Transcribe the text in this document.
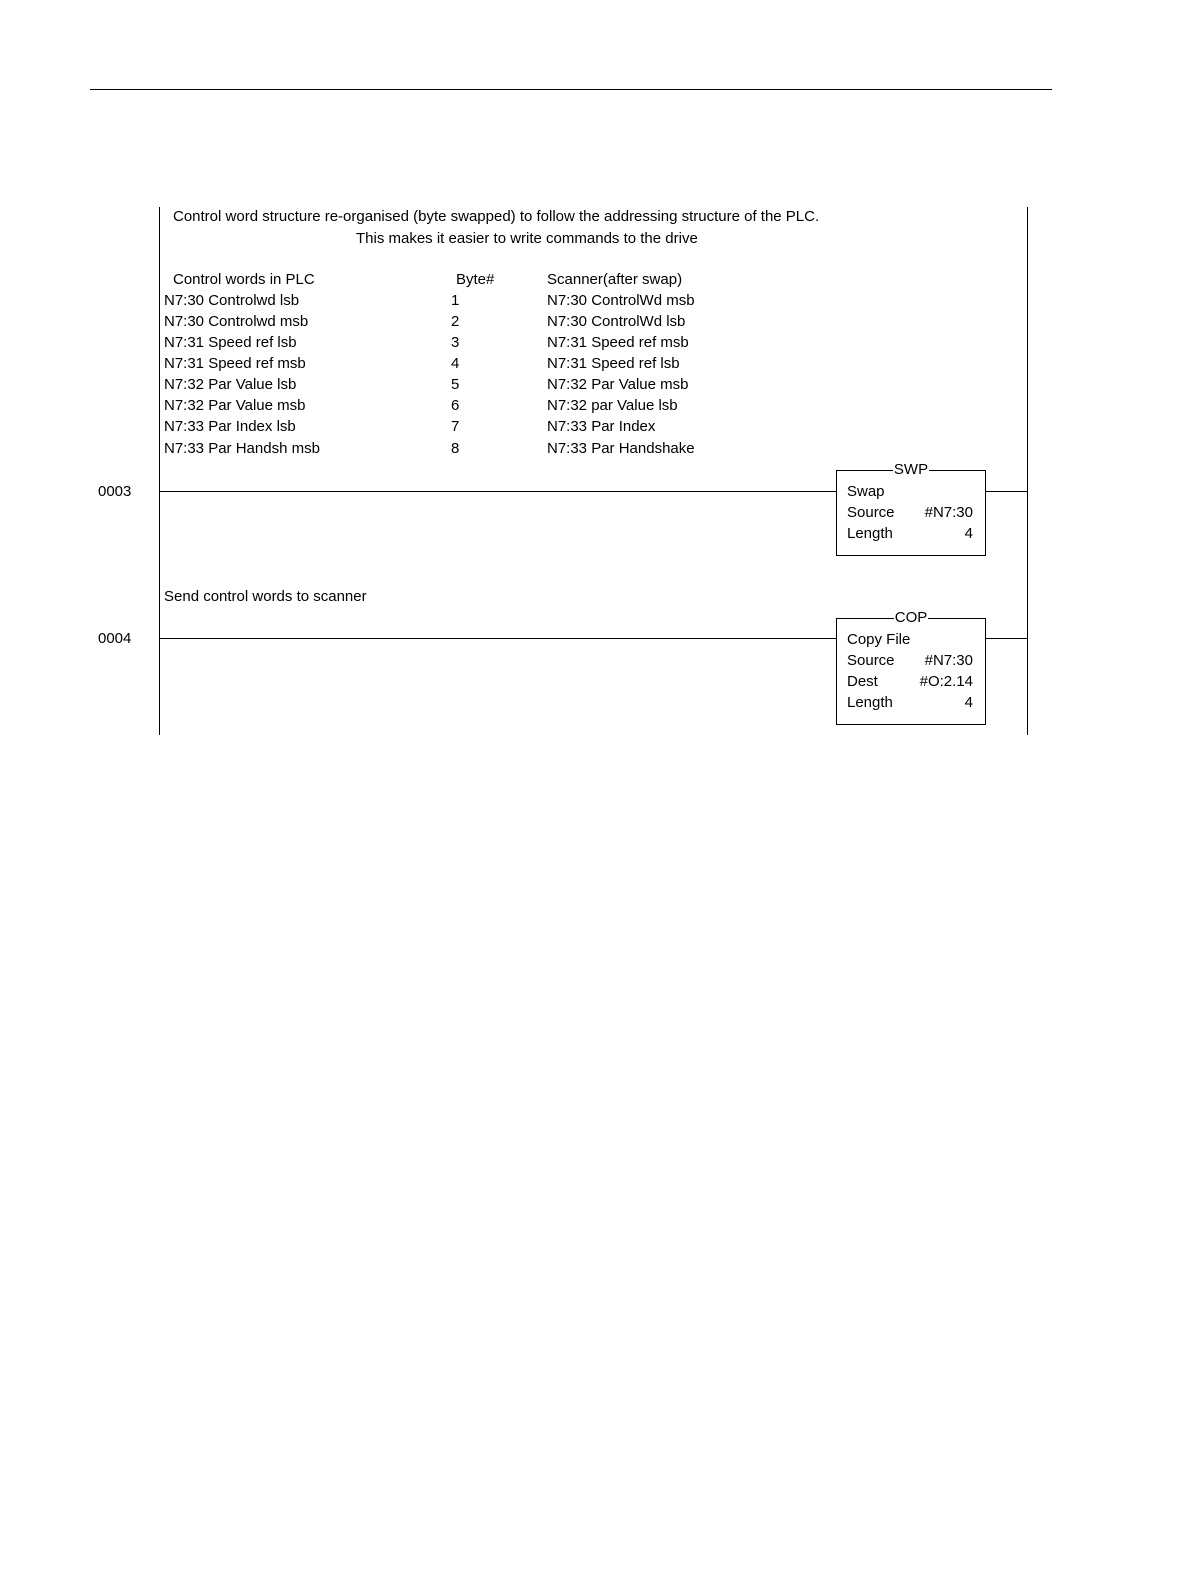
Control word structure re-organised (byte swapped) to follow the addressing structure of the PLC.
This makes it easier to write commands to the drive
Control words in PLC	Byte#	Scanner(after swap)
N7:30 Controlwd lsb	1	N7:30 ControlWd msb
N7:30 Controlwd msb	2	N7:30 ControlWd lsb
N7:31 Speed ref lsb	3	N7:31 Speed ref msb
N7:31 Speed ref msb	4	N7:31 Speed ref lsb
N7:32 Par Value lsb	5	N7:32 Par Value msb
N7:32 Par Value msb	6	N7:32 par Value lsb
N7:33 Par Index lsb	7	N7:33 Par Index
N7:33 Par Handsh msb	8	N7:33 Par Handshake
0003
SWP
Swap
Source #N7:30
Length	4
Send control words to scanner
0004
COP
Copy File
Source #N7:30
Dest	#O:2.14
Length	4
